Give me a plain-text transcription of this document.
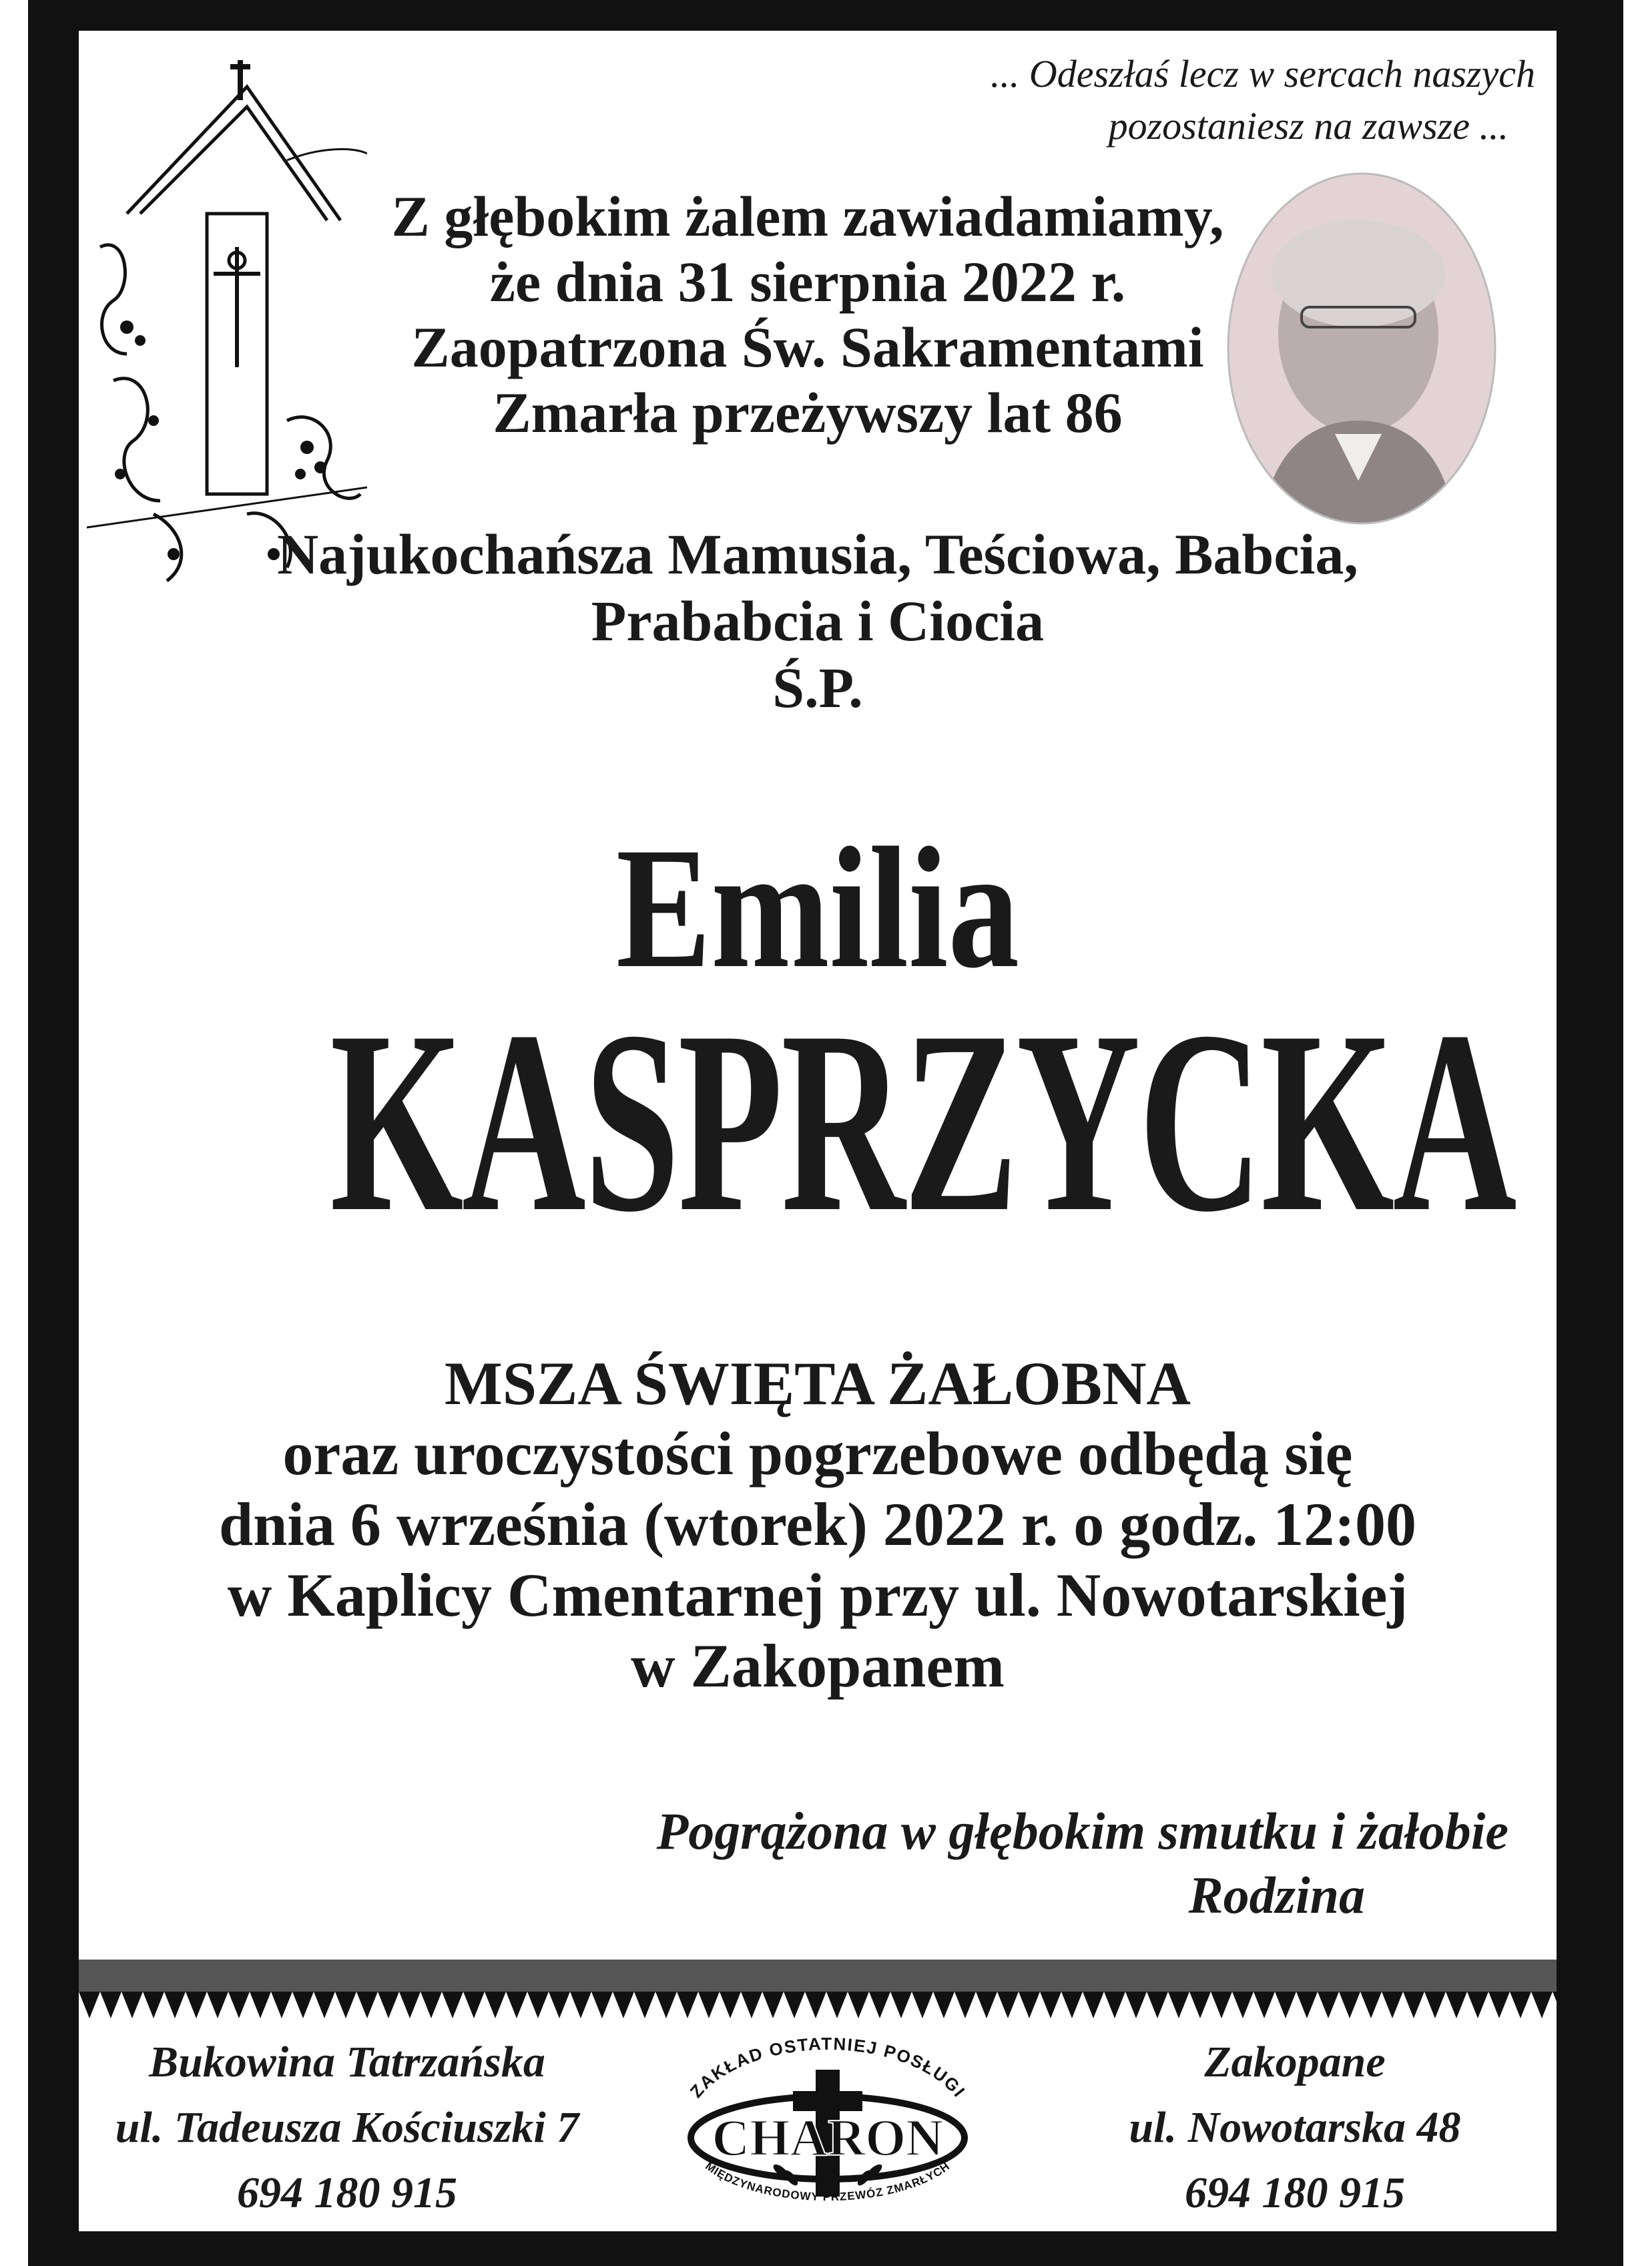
... Odeszłaś lecz w sercach naszych
pozostaniesz na zawsze ...
Z głębokim żalem zawiadamiamy,
że dnia 31 sierpnia 2022 r.
Zaopatrzona Św. Sakramentami
Zmarła przeżywszy lat 86
Najukochańsza Mamusia, Teściowa, Babcia,
Prababcia i Ciocia
Ś.P.
Emilia
KASPRZYCKA
MSZA ŚWIĘTA ŻAŁOBNA
oraz uroczystości pogrzebowe odbędą się
dnia 6 września (wtorek) 2022 r. o godz. 12:00
w Kaplicy Cmentarnej przy ul. Nowotarskiej
w Zakopanem
Pogrążona w głębokim smutku i żałobie
Rodzina
Bukowina Tatrzańska
ul. Tadeusza Kościuszki 7
694 180 915
ZAKŁAD OSTATNIEJ POSŁUGI
CHARON
MIĘDZYNARODOWY PRZEWÓZ ZMARŁYCH
Zakopane
ul. Nowotarska 48
694 180 915
